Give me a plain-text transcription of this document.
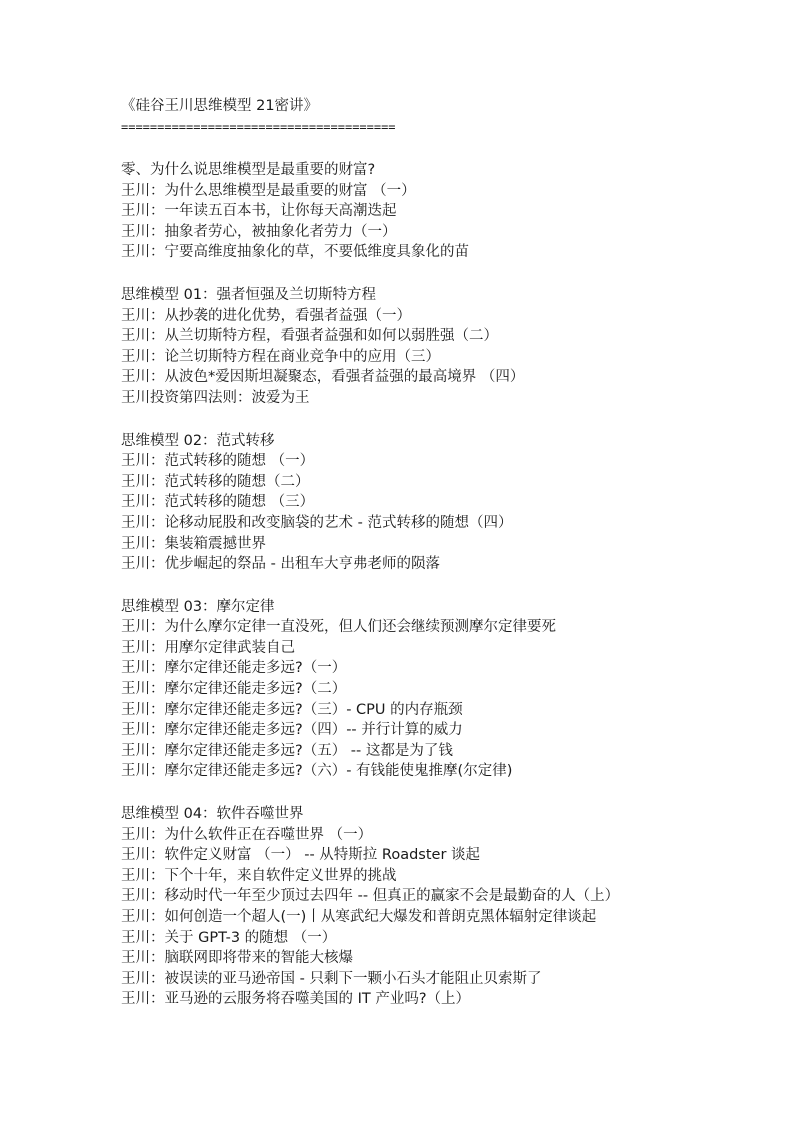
《硅谷王川思维模型 21密讲》
======================================
零、为什么说思维模型是最重要的财富?
王川：为什么思维模型是最重要的财富 （一）
王川：一年读五百本书，让你每天高潮迭起
王川：抽象者劳心，被抽象化者劳力（一）
王川：宁要高维度抽象化的草，不要低维度具象化的苗
思维模型 01：强者恒强及兰切斯特方程
王川：从抄袭的进化优势，看强者益强（一）
王川：从兰切斯特方程，看强者益强和如何以弱胜强（二）
王川：论兰切斯特方程在商业竞争中的应用（三）
王川：从波色*爱因斯坦凝聚态，看强者益强的最高境界 （四）
王川投资第四法则：波爱为王
思维模型 02：范式转移
王川：范式转移的随想 （一）
王川：范式转移的随想（二）
王川：范式转移的随想 （三）
王川：论移动屁股和改变脑袋的艺术 - 范式转移的随想（四）
王川：集装箱震撼世界
王川：优步崛起的祭品 - 出租车大亨弗老师的陨落
思维模型 03：摩尔定律
王川：为什么摩尔定律一直没死，但人们还会继续预测摩尔定律要死
王川：用摩尔定律武装自己
王川：摩尔定律还能走多远?（一）
王川：摩尔定律还能走多远?（二）
王川：摩尔定律还能走多远?（三）- CPU 的内存瓶颈
王川：摩尔定律还能走多远?（四）-- 并行计算的威力
王川：摩尔定律还能走多远?（五） -- 这都是为了钱
王川：摩尔定律还能走多远?（六）- 有钱能使鬼推摩(尔定律)
思维模型 04：软件吞噬世界
王川：为什么软件正在吞噬世界 （一）
王川：软件定义财富 （一） -- 从特斯拉 Roadster 谈起
王川：下个十年，来自软件定义世界的挑战
王川：移动时代一年至少顶过去四年 -- 但真正的赢家不会是最勤奋的人（上）
王川：如何创造一个超人(一)丨从寒武纪大爆发和普朗克黑体辐射定律谈起
王川：关于 GPT-3 的随想 （一）
王川：脑联网即将带来的智能大核爆
王川：被误读的亚马逊帝国 - 只剩下一颗小石头才能阻止贝索斯了
王川：亚马逊的云服务将吞噬美国的 IT 产业吗?（上）
